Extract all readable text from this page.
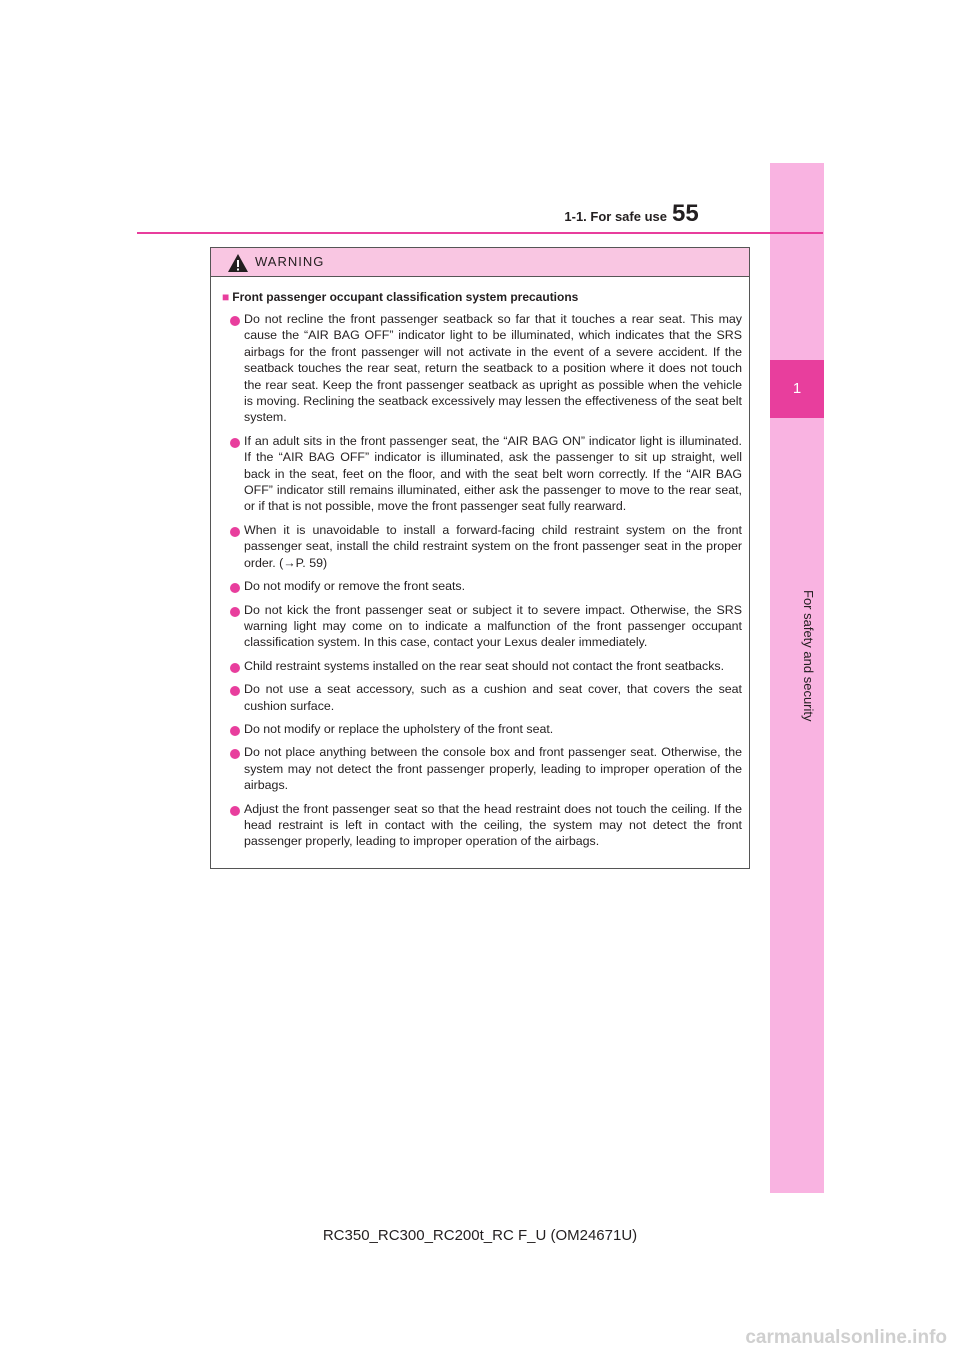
1
For safety and security
1-1. For safe use 55
WARNING
■ Front passenger occupant classification system precautions
Do not recline the front passenger seatback so far that it touches a rear seat. This may cause the “AIR BAG OFF” indicator light to be illuminated, which indicates that the SRS airbags for the front passenger will not activate in the event of a severe accident. If the seatback touches the rear seat, return the seatback to a position where it does not touch the rear seat. Keep the front passenger seatback as upright as possible when the vehicle is moving. Reclining the seatback excessively may lessen the effectiveness of the seat belt system.
If an adult sits in the front passenger seat, the “AIR BAG ON” indicator light is illuminated. If the “AIR BAG OFF” indicator is illuminated, ask the passenger to sit up straight, well back in the seat, feet on the floor, and with the seat belt worn correctly. If the “AIR BAG OFF” indicator still remains illuminated, either ask the passenger to move to the rear seat, or if that is not possible, move the front passenger seat fully rearward.
When it is unavoidable to install a forward-facing child restraint system on the front passenger seat, install the child restraint system on the front passenger seat in the proper order. (→P. 59)
Do not modify or remove the front seats.
Do not kick the front passenger seat or subject it to severe impact. Otherwise, the SRS warning light may come on to indicate a malfunction of the front passenger occupant classification system. In this case, contact your Lexus dealer immediately.
Child restraint systems installed on the rear seat should not contact the front seatbacks.
Do not use a seat accessory, such as a cushion and seat cover, that covers the seat cushion surface.
Do not modify or replace the upholstery of the front seat.
Do not place anything between the console box and front passenger seat. Otherwise, the system may not detect the front passenger properly, leading to improper operation of the airbags.
Adjust the front passenger seat so that the head restraint does not touch the ceiling. If the head restraint is left in contact with the ceiling, the system may not detect the front passenger properly, leading to improper operation of the airbags.
RC350_RC300_RC200t_RC F_U (OM24671U)
carmanualsonline.info
